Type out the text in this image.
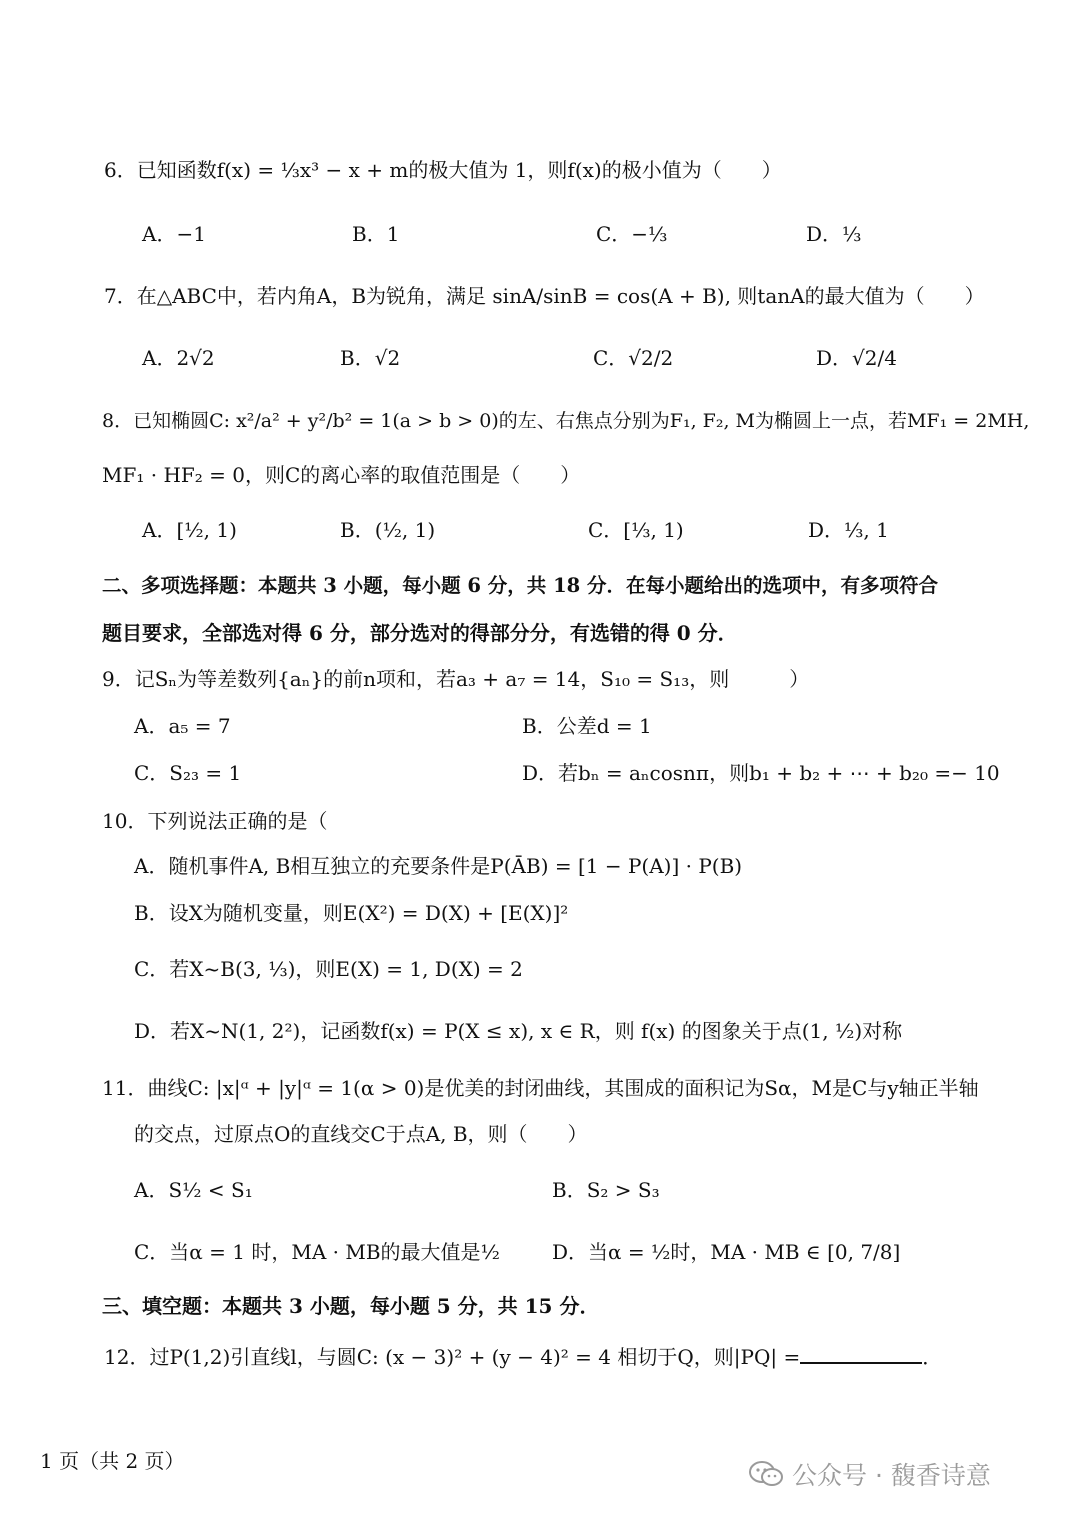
6．已知函数f(x) = ⅓x³ − x + m的极大值为 1，则f(x)的极小值为（　　）
A．−1	B．1	C．−⅓	D．⅓
7．在△ABC中，若内角A，B为锐角，满足 sinA/sinB = cos(A + B), 则tanA的最大值为（　　）
A．2√2	B．√2	C．√2/2	D．√2/4
8．已知椭圆C: x²/a² + y²/b² = 1(a > b > 0)的左、右焦点分别为F₁, F₂, M为椭圆上一点，若MF₁ = 2MH,
MF₁ · HF₂ = 0，则C的离心率的取值范围是（　　）
A．[½, 1)	B．(½, 1)	C．[⅓, 1)	D．⅓, 1
二、多项选择题：本题共 3 小题，每小题 6 分，共 18 分．在每小题给出的选项中，有多项符合
题目要求，全部选对得 6 分，部分选对的得部分分，有选错的得 0 分．
9．记Sₙ为等差数列{aₙ}的前n项和，若a₃ + a₇ = 14，S₁₀ = S₁₃，则　　　）
A．a₅ = 7	B．公差d = 1
C．S₂₃ = 1	D．若bₙ = aₙcosnπ，则b₁ + b₂ + ⋯ + b₂₀ =− 10
10．下列说法正确的是（
A．随机事件A, B相互独立的充要条件是P(ĀB) = [1 − P(A)] · P(B)
B．设X为随机变量，则E(X²) = D(X) + [E(X)]²
C．若X~B(3, ⅓)，则E(X) = 1, D(X) = 2
D．若X~N(1, 2²)，记函数f(x) = P(X ≤ x), x ∈ R，则 f(x) 的图象关于点(1, ½)对称
11．曲线C: |x|ᵅ + |y|ᵅ = 1(α > 0)是优美的封闭曲线，其围成的面积记为Sα，M是C与y轴正半轴
的交点，过原点O的直线交C于点A, B，则（　　）
A．S½ < S₁	B．S₂ > S₃
C．当α = 1 时，MA · MB的最大值是½	D．当α = ½时，MA · MB ∈ [0, 7/8]
三、填空题：本题共 3 小题，每小题 5 分，共 15 分．
12．过P(1,2)引直线l，与圆C: (x − 3)² + (y − 4)² = 4 相切于Q，则|PQ| =	．
1 页（共 2 页）	公众号 · 馥香诗意
